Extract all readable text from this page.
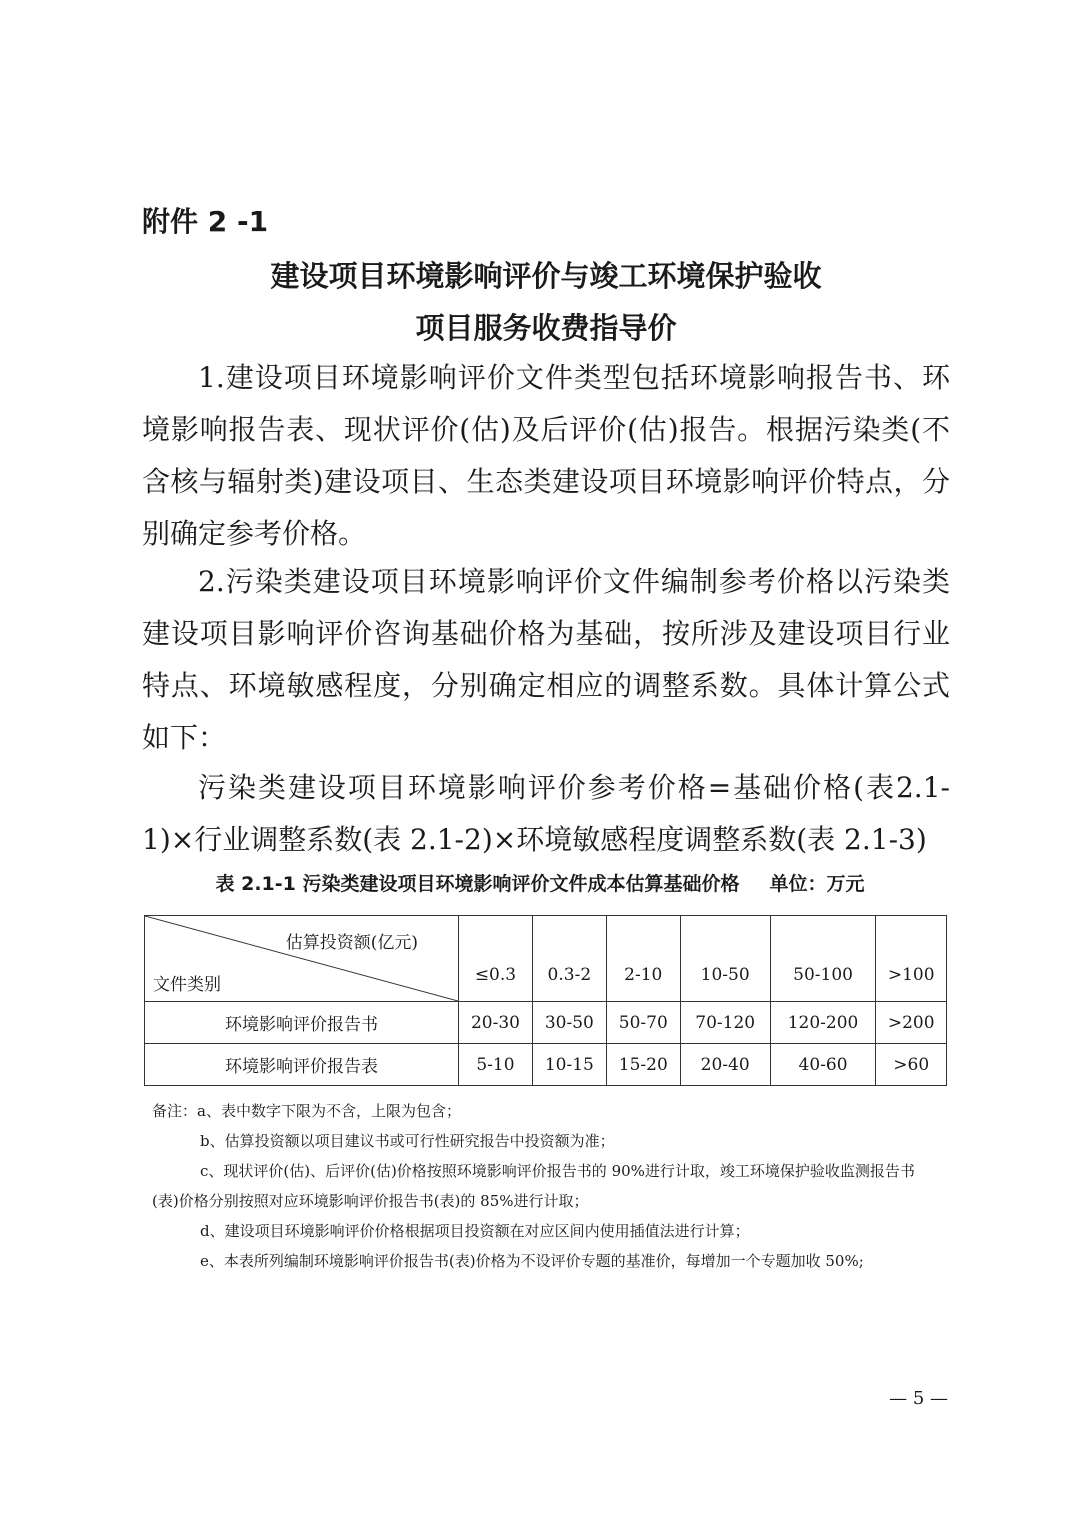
附件 2 -1

建设项目环境影响评价与竣工环境保护验收

项目服务收费指导价

1.建设项目环境影响评价文件类型包括环境影响报告书、环境影响报告表、现状评价(估)及后评价(估)报告。根据污染类(不含核与辐射类)建设项目、生态类建设项目环境影响评价特点，分别确定参考价格。

2.污染类建设项目环境影响评价文件编制参考价格以污染类建设项目影响评价咨询基础价格为基础，按所涉及建设项目行业特点、环境敏感程度，分别确定相应的调整系数。具体计算公式如下：

污染类建设项目环境影响评价参考价格=基础价格(表2.1-1)×行业调整系数(表 2.1-2)×环境敏感程度调整系数(表 2.1-3)

表 2.1-1 污染类建设项目环境影响评价文件成本估算基础价格 单位：万元

估算投资额(亿元)
文件类别	≤0.3	0.3-2	2-10	10-50	50-100	>100
环境影响评价报告书	20-30	30-50	50-70	70-120	120-200	>200
环境影响评价报告表	5-10	10-15	15-20	20-40	40-60	>60

备注：a、表中数字下限为不含，上限为包含；

b、估算投资额以项目建议书或可行性研究报告中投资额为准；

c、现状评价(估)、后评价(估)价格按照环境影响评价报告书的 90%进行计取，竣工环境保护验收监测报告书

(表)价格分别按照对应环境影响评价报告书(表)的 85%进行计取；

d、建设项目环境影响评价价格根据项目投资额在对应区间内使用插值法进行计算；

e、本表所列编制环境影响评价报告书(表)价格为不设评价专题的基准价，每增加一个专题加收 50%;

— 5 —
